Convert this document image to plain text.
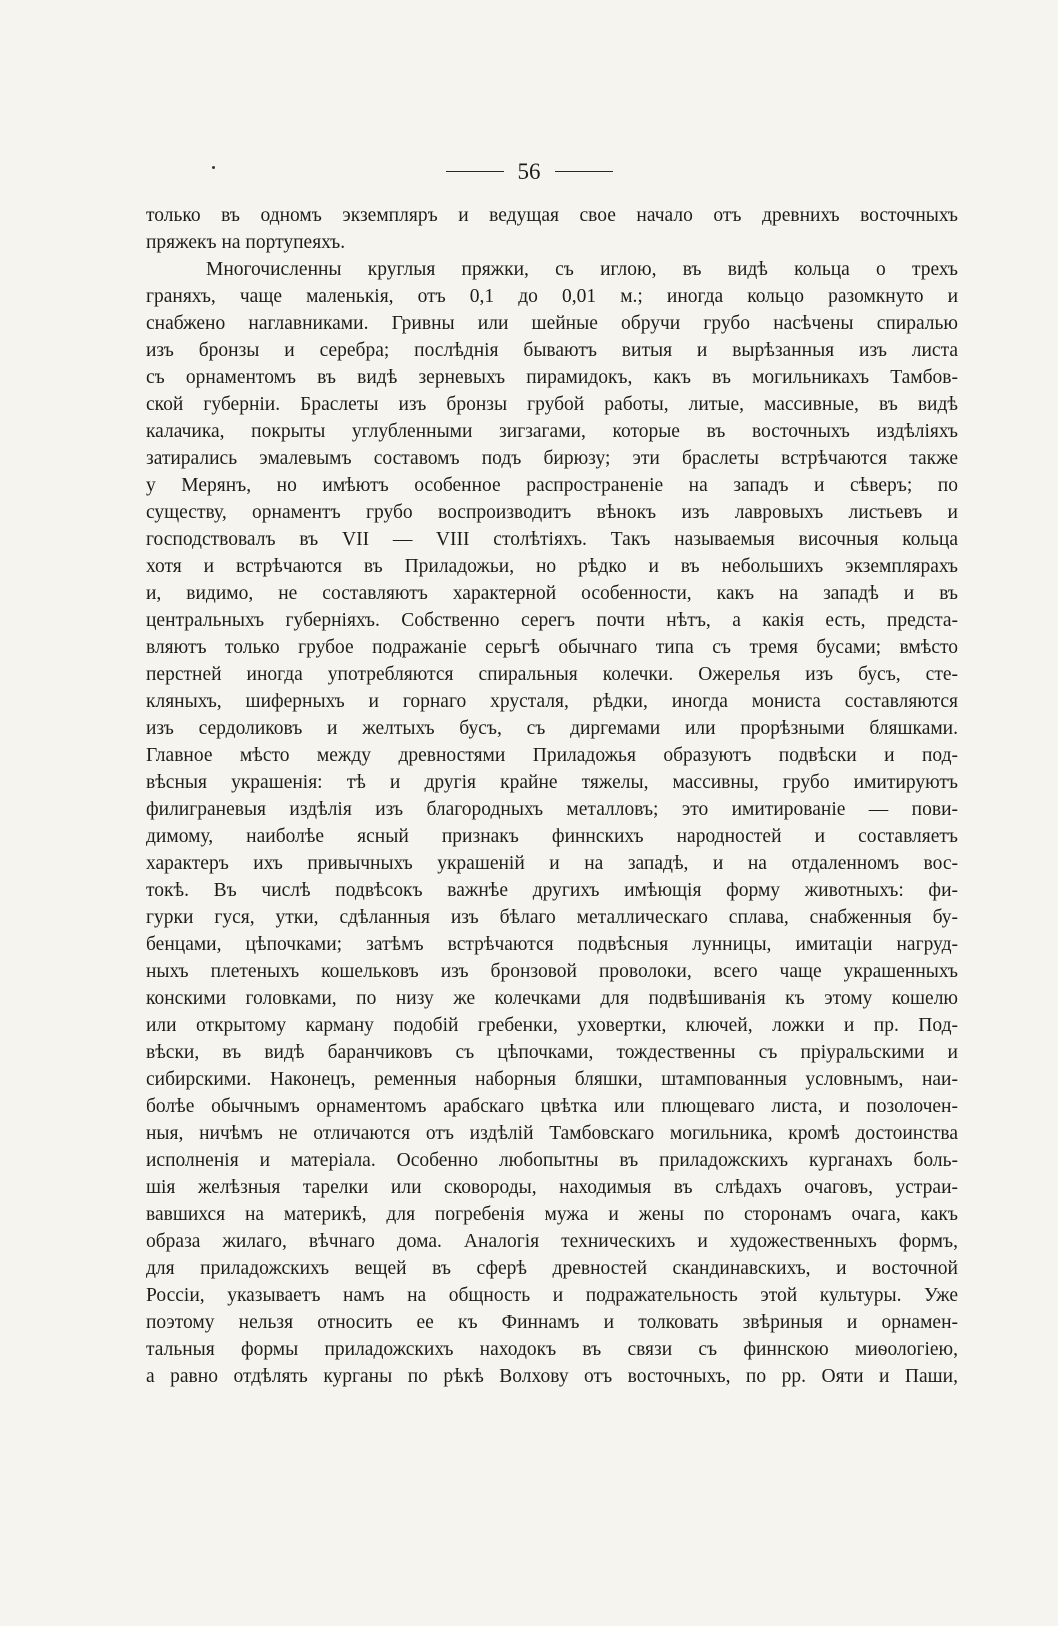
56
только въ одномъ экземпляръ и ведущая свое начало отъ древнихъ восточныхъ
пряжекъ на портупеяхъ.
Многочисленны круглыя пряжки, съ иглою, въ видѣ кольца о трехъ
граняхъ, чаще маленькія, отъ 0,1 до 0,01 м.; иногда кольцо разомкнуто и
снабжено наглавниками. Гривны или шейные обручи грубо насѣчены спиралью
изъ бронзы и серебра; послѣднія бываютъ витыя и вырѣзанныя изъ листа
съ орнаментомъ въ видѣ зерневыхъ пирамидокъ, какъ въ могильникахъ Тамбов-
ской губерніи. Браслеты изъ бронзы грубой работы, литые, массивные, въ видѣ
калачика, покрыты углубленными зигзагами, которые въ восточныхъ издѣліяхъ
затирались эмалевымъ составомъ подъ бирюзу; эти браслеты встрѣчаются также
у Мерянъ, но имѣютъ особенное распространеніе на западъ и сѣверъ; по
существу, орнаментъ грубо воспроизводитъ вѣнокъ изъ лавровыхъ листьевъ и
господствовалъ въ VII — VIII столѣтіяхъ. Такъ называемыя височныя кольца
хотя и встрѣчаются въ Приладожьи, но рѣдко и въ небольшихъ экземплярахъ
и, видимо, не составляютъ характерной особенности, какъ на западѣ и въ
центральныхъ губерніяхъ. Собственно серегъ почти нѣтъ, а какія есть, предста-
вляютъ только грубое подражаніе серьгѣ обычнаго типа съ тремя бусами; вмѣсто
перстней иногда употребляются спиральныя колечки. Ожерелья изъ бусъ, сте-
кляныхъ, шиферныхъ и горнаго хрусталя, рѣдки, иногда мониста составляются
изъ сердоликовъ и желтыхъ бусъ, съ диргемами или прорѣзными бляшками.
Главное мѣсто между древностями Приладожья образуютъ подвѣски и под-
вѣсныя украшенія: тѣ и другія крайне тяжелы, массивны, грубо имитируютъ
филиграневыя издѣлія изъ благородныхъ металловъ; это имитированіе — пови-
димому, наиболѣе ясный признакъ финнскихъ народностей и составляетъ
характеръ ихъ привычныхъ украшеній и на западѣ, и на отдаленномъ вос-
токѣ. Въ числѣ подвѣсокъ важнѣе другихъ имѣющія форму животныхъ: фи-
гурки гуся, утки, сдѣланныя изъ бѣлаго металлическаго сплава, снабженныя бу-
бенцами, цѣпочками; затѣмъ встрѣчаются подвѣсныя лунницы, имитаціи нагруд-
ныхъ плетеныхъ кошельковъ изъ бронзовой проволоки, всего чаще украшенныхъ
конскими головками, по низу же колечками для подвѣшиванія къ этому кошелю
или открытому карману подобій гребенки, уховертки, ключей, ложки и пр. Под-
вѣски, въ видѣ баранчиковъ съ цѣпочками, тождественны съ пріуральскими и
сибирскими. Наконецъ, ременныя наборныя бляшки, штампованныя условнымъ, наи-
болѣе обычнымъ орнаментомъ арабскаго цвѣтка или плющеваго листа, и позолочен-
ныя, ничѣмъ не отличаются отъ издѣлій Тамбовскаго могильника, кромѣ достоинства
исполненія и матеріала. Особенно любопытны въ приладожскихъ курганахъ боль-
шія желѣзныя тарелки или сковороды, находимыя въ слѣдахъ очаговъ, устраи-
вавшихся на материкѣ, для погребенія мужа и жены по сторонамъ очага, какъ
образа жилаго, вѣчнаго дома. Аналогія техническихъ и художественныхъ формъ,
для приладожскихъ вещей въ сферѣ древностей скандинавскихъ, и восточной
Россіи, указываетъ намъ на общность и подражательность этой культуры. Уже
поэтому нельзя относить ее къ Финнамъ и толковать звѣриныя и орнамен-
тальныя формы приладожскихъ находокъ въ связи съ финнскою миѳологіею,
а равно отдѣлять курганы по рѣкѣ Волхову отъ восточныхъ, по рр. Ояти и Паши,
